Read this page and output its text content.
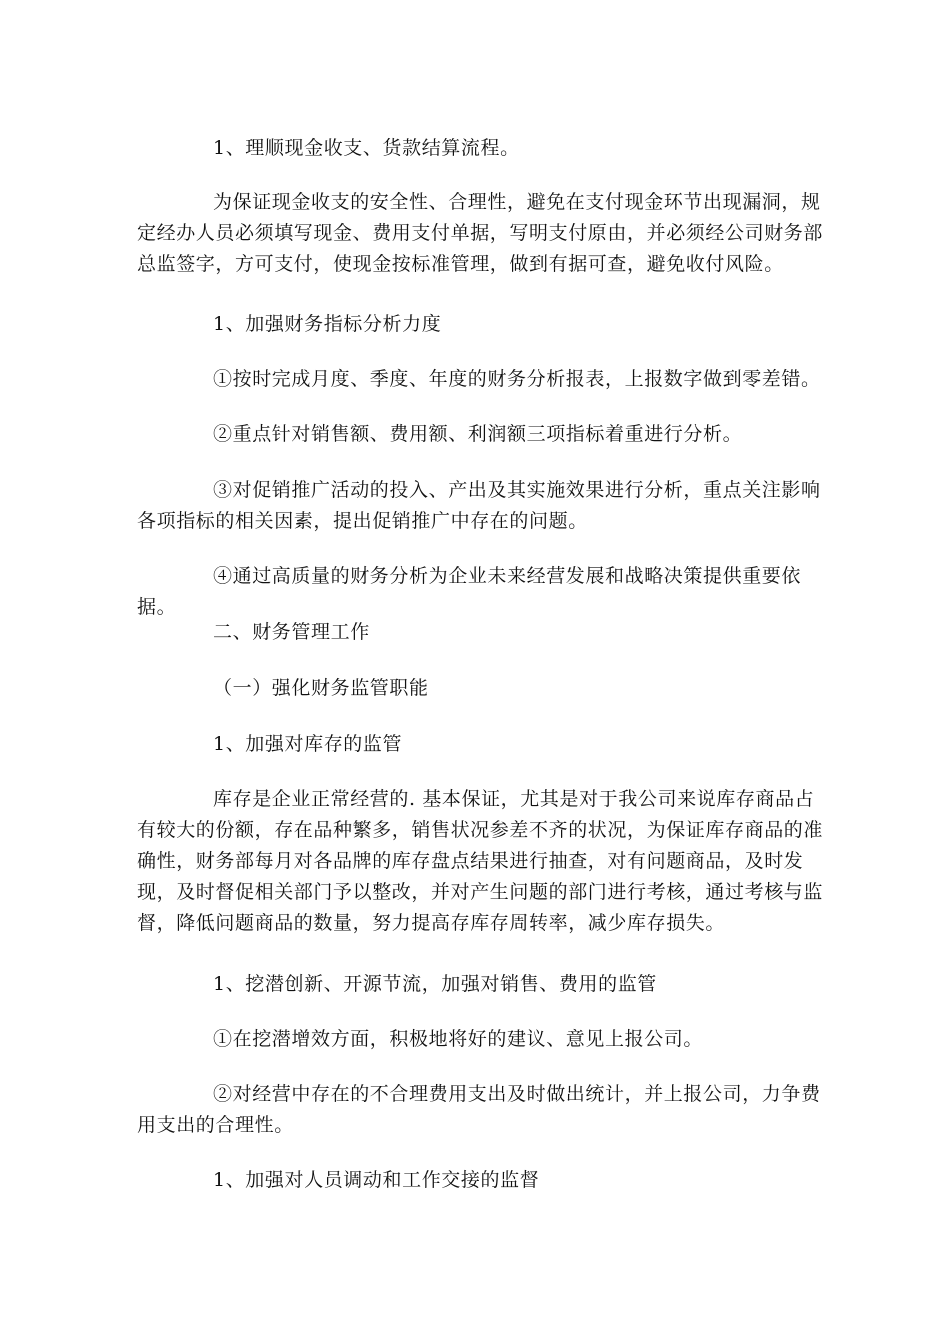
1、理顺现金收支、货款结算流程。
为保证现金收支的安全性、合理性，避免在支付现金环节出现漏洞，规定经办人员必须填写现金、费用支付单据，写明支付原由，并必须经公司财务部总监签字，方可支付，使现金按标准管理，做到有据可查，避免收付风险。
1、加强财务指标分析力度
①按时完成月度、季度、年度的财务分析报表，上报数字做到零差错。
②重点针对销售额、费用额、利润额三项指标着重进行分析。
③对促销推广活动的投入、产出及其实施效果进行分析，重点关注影响各项指标的相关因素，提出促销推广中存在的问题。
④通过高质量的财务分析为企业未来经营发展和战略决策提供重要依据。
二、财务管理工作
（一）强化财务监管职能
1、加强对库存的监管
库存是企业正常经营的. 基本保证，尤其是对于我公司来说库存商品占有较大的份额，存在品种繁多，销售状况参差不齐的状况，为保证库存商品的准确性，财务部每月对各品牌的库存盘点结果进行抽查，对有问题商品，及时发现，及时督促相关部门予以整改，并对产生问题的部门进行考核，通过考核与监督，降低问题商品的数量，努力提高存库存周转率，减少库存损失。
1、挖潜创新、开源节流，加强对销售、费用的监管
①在挖潜增效方面，积极地将好的建议、意见上报公司。
②对经营中存在的不合理费用支出及时做出统计，并上报公司，力争费用支出的合理性。
1、加强对人员调动和工作交接的监督
